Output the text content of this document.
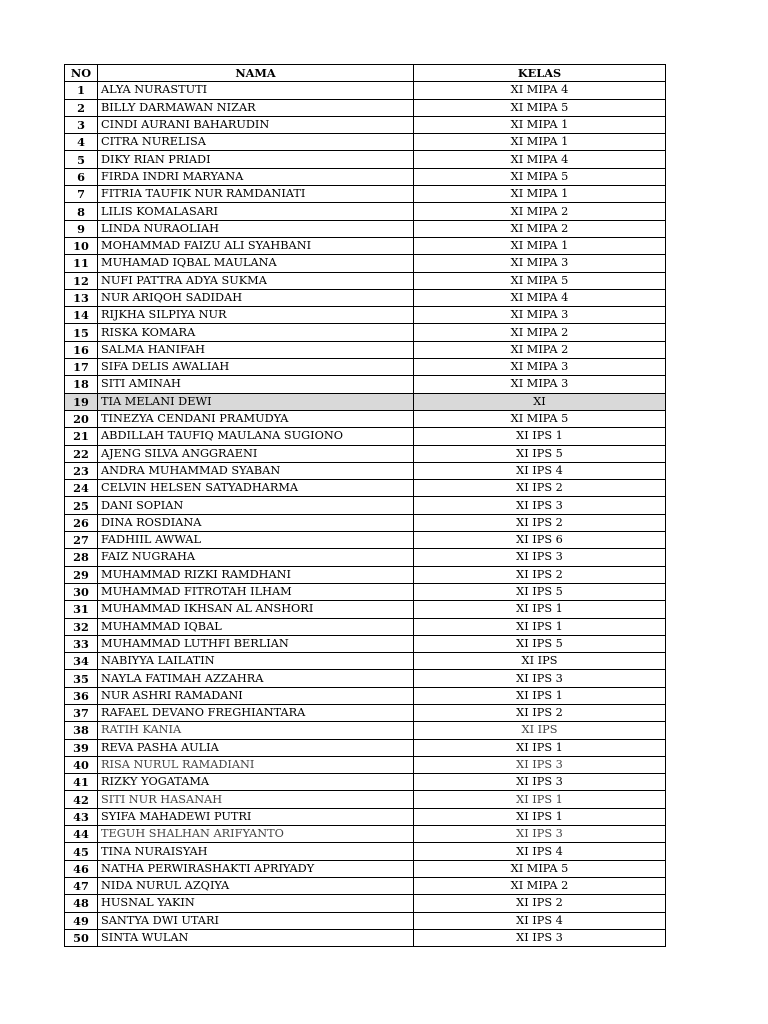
NO	NAMA	KELAS
1	ALYA NURASTUTI	XI MIPA 4
2	BILLY DARMAWAN NIZAR	XI MIPA 5
3	CINDI AURANI BAHARUDIN	XI MIPA 1
4	CITRA NURELISA	XI MIPA 1
5	DIKY RIAN PRIADI	XI MIPA 4
6	FIRDA INDRI MARYANA	XI MIPA 5
7	FITRIA TAUFIK NUR RAMDANIATI	XI MIPA 1
8	LILIS KOMALASARI	XI MIPA 2
9	LINDA NURAOLIAH	XI MIPA 2
10	MOHAMMAD FAIZU ALI SYAHBANI	XI MIPA 1
11	MUHAMAD IQBAL MAULANA	XI MIPA 3
12	NUFI PATTRA ADYA SUKMA	XI MIPA 5
13	NUR ARIQOH SADIDAH	XI MIPA 4
14	RIJKHA SILPIYA NUR	XI MIPA 3
15	RISKA KOMARA	XI MIPA 2
16	SALMA HANIFAH	XI MIPA 2
17	SIFA DELIS AWALIAH	XI MIPA 3
18	SITI AMINAH	XI MIPA 3
19	TIA MELANI DEWI	XI
20	TINEZYA CENDANI PRAMUDYA	XI MIPA 5
21	ABDILLAH TAUFIQ MAULANA SUGIONO	XI IPS 1
22	AJENG SILVA ANGGRAENI	XI IPS 5
23	ANDRA MUHAMMAD SYABAN	XI IPS 4
24	CELVIN HELSEN SATYADHARMA	XI IPS 2
25	DANI SOPIAN	XI IPS 3
26	DINA ROSDIANA	XI IPS 2
27	FADHIIL AWWAL	XI IPS 6
28	FAIZ NUGRAHA	XI IPS 3
29	MUHAMMAD RIZKI RAMDHANI	XI IPS 2
30	MUHAMMAD FITROTAH ILHAM	XI IPS 5
31	MUHAMMAD IKHSAN AL ANSHORI	XI IPS 1
32	MUHAMMAD IQBAL	XI IPS 1
33	MUHAMMAD LUTHFI BERLIAN	XI IPS 5
34	NABIYYA LAILATIN	XI IPS
35	NAYLA FATIMAH AZZAHRA	XI IPS 3
36	NUR ASHRI RAMADANI	XI IPS 1
37	RAFAEL DEVANO FREGHIANTARA	XI IPS 2
38	RATIH KANIA	XI IPS
39	REVA PASHA AULIA	XI IPS 1
40	RISA NURUL RAMADIANI	XI IPS 3
41	RIZKY YOGATAMA	XI IPS 3
42	SITI NUR HASANAH	XI IPS 1
43	SYIFA MAHADEWI PUTRI	XI IPS 1
44	TEGUH SHALHAN ARIFYANTO	XI IPS 3
45	TINA NURAISYAH	XI IPS 4
46	NATHA PERWIRASHAKTI APRIYADY	XI MIPA 5
47	NIDA NURUL AZQIYA	XI MIPA 2
48	HUSNAL YAKIN	XI IPS 2
49	SANTYA DWI UTARI	XI IPS 4
50	SINTA WULAN	XI IPS 3
